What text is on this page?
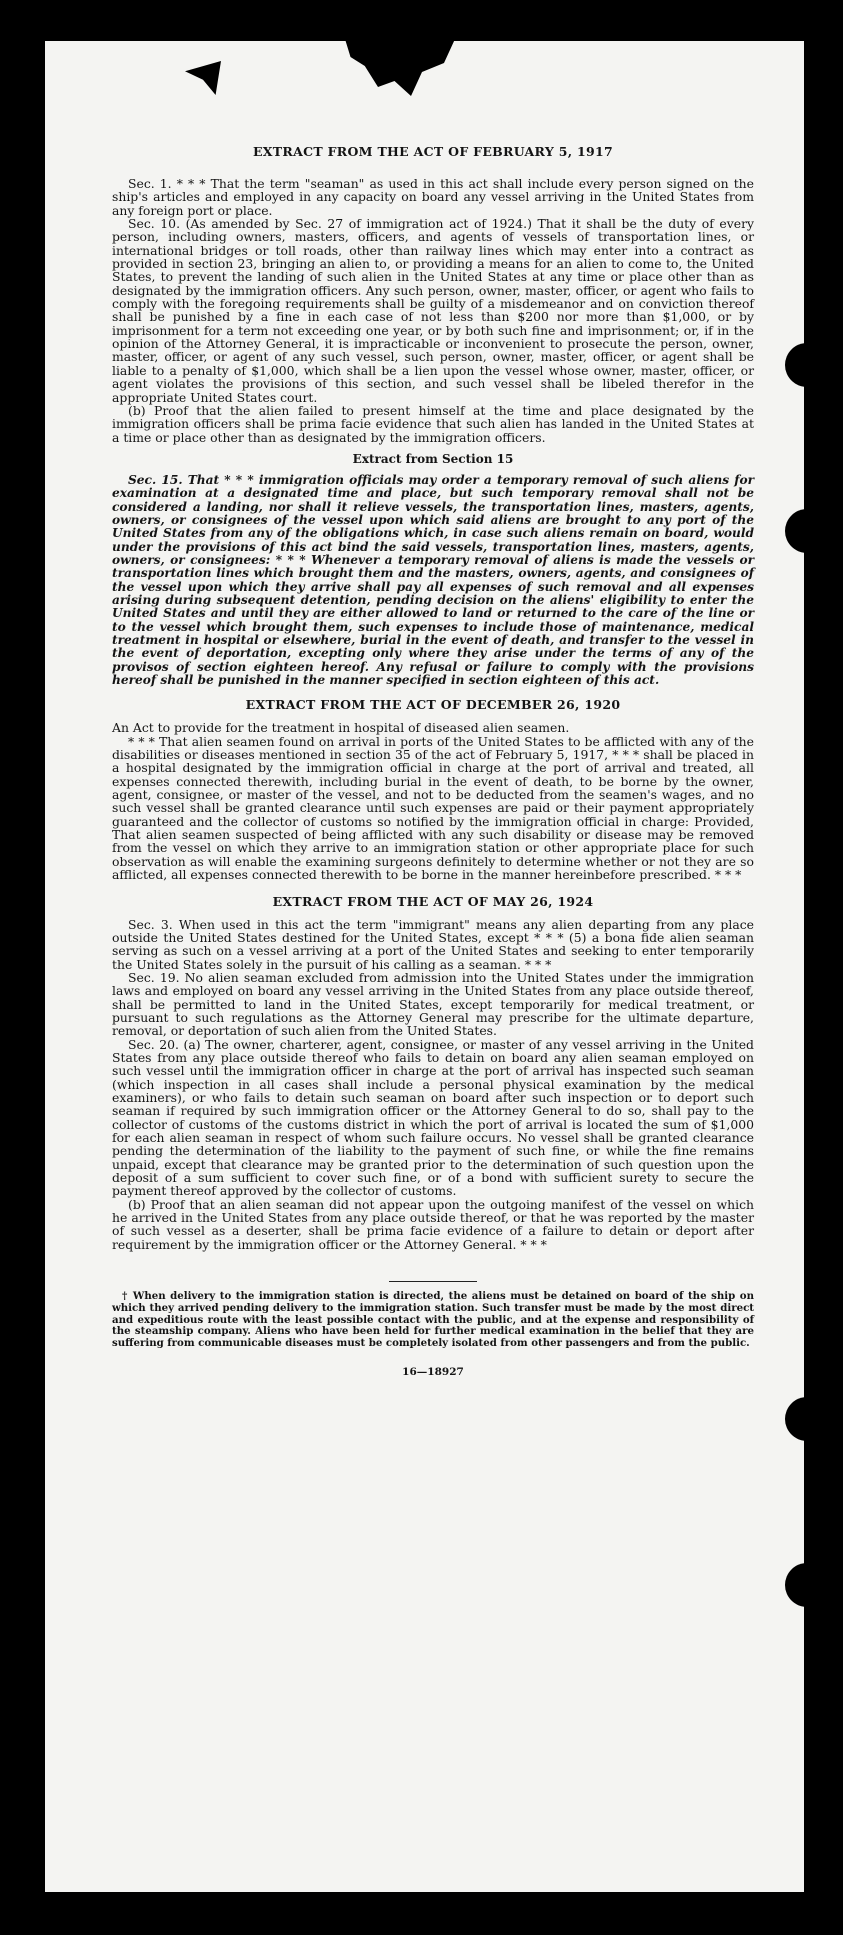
EXTRACT FROM THE ACT OF FEBRUARY 5, 1917

Sec. 1. * * * That the term "seaman" as used in this act shall include every person signed on the ship's articles and employed in any capacity on board any vessel arriving in the United States from any foreign port or place.

Sec. 10. (As amended by Sec. 27 of immigration act of 1924.) That it shall be the duty of every person, including owners, masters, officers, and agents of vessels of transportation lines, or international bridges or toll roads, other than railway lines which may enter into a contract as provided in section 23, bringing an alien to, or providing a means for an alien to come to, the United States, to prevent the landing of such alien in the United States at any time or place other than as designated by the immigration officers. Any such person, owner, master, officer, or agent who fails to comply with the foregoing requirements shall be guilty of a misdemeanor and on conviction thereof shall be punished by a fine in each case of not less than $200 nor more than $1,000, or by imprisonment for a term not exceeding one year, or by both such fine and imprisonment; or, if in the opinion of the Attorney General, it is impracticable or inconvenient to prosecute the person, owner, master, officer, or agent of any such vessel, such person, owner, master, officer, or agent shall be liable to a penalty of $1,000, which shall be a lien upon the vessel whose owner, master, officer, or agent violates the provisions of this section, and such vessel shall be libeled therefor in the appropriate United States court.

(b) Proof that the alien failed to present himself at the time and place designated by the immigration officers shall be prima facie evidence that such alien has landed in the United States at a time or place other than as designated by the immigration officers.

Extract from Section 15

Sec. 15. That * * * immigration officials may order a temporary removal of such aliens for examination at a designated time and place, but such temporary removal shall not be considered a landing, nor shall it relieve vessels, the transportation lines, masters, agents, owners, or consignees of the vessel upon which said aliens are brought to any port of the United States from any of the obligations which, in case such aliens remain on board, would under the provisions of this act bind the said vessels, transportation lines, masters, agents, owners, or consignees: * * * Whenever a temporary removal of aliens is made the vessels or transportation lines which brought them and the masters, owners, agents, and consignees of the vessel upon which they arrive shall pay all expenses of such removal and all expenses arising during subsequent detention, pending decision on the aliens' eligibility to enter the United States and until they are either allowed to land or returned to the care of the line or to the vessel which brought them, such expenses to include those of maintenance, medical treatment in hospital or elsewhere, burial in the event of death, and transfer to the vessel in the event of deportation, excepting only where they arise under the terms of any of the provisos of section eighteen hereof. Any refusal or failure to comply with the provisions hereof shall be punished in the manner specified in section eighteen of this act.

EXTRACT FROM THE ACT OF DECEMBER 26, 1920

An Act to provide for the treatment in hospital of diseased alien seamen.

* * * That alien seamen found on arrival in ports of the United States to be afflicted with any of the disabilities or diseases mentioned in section 35 of the act of February 5, 1917, * * * shall be placed in a hospital designated by the immigration official in charge at the port of arrival and treated, all expenses connected therewith, including burial in the event of death, to be borne by the owner, agent, consignee, or master of the vessel, and not to be deducted from the seamen's wages, and no such vessel shall be granted clearance until such expenses are paid or their payment appropriately guaranteed and the collector of customs so notified by the immigration official in charge: Provided, That alien seamen suspected of being afflicted with any such disability or disease may be removed from the vessel on which they arrive to an immigration station or other appropriate place for such observation as will enable the examining surgeons definitely to determine whether or not they are so afflicted, all expenses connected therewith to be borne in the manner hereinbefore prescribed. * * *

EXTRACT FROM THE ACT OF MAY 26, 1924

Sec. 3. When used in this act the term "immigrant" means any alien departing from any place outside the United States destined for the United States, except * * * (5) a bona fide alien seaman serving as such on a vessel arriving at a port of the United States and seeking to enter temporarily the United States solely in the pursuit of his calling as a seaman. * * *

Sec. 19. No alien seaman excluded from admission into the United States under the immigration laws and employed on board any vessel arriving in the United States from any place outside thereof, shall be permitted to land in the United States, except temporarily for medical treatment, or pursuant to such regulations as the Attorney General may prescribe for the ultimate departure, removal, or deportation of such alien from the United States.

Sec. 20. (a) The owner, charterer, agent, consignee, or master of any vessel arriving in the United States from any place outside thereof who fails to detain on board any alien seaman employed on such vessel until the immigration officer in charge at the port of arrival has inspected such seaman (which inspection in all cases shall include a personal physical examination by the medical examiners), or who fails to detain such seaman on board after such inspection or to deport such seaman if required by such immigration officer or the Attorney General to do so, shall pay to the collector of customs of the customs district in which the port of arrival is located the sum of $1,000 for each alien seaman in respect of whom such failure occurs. No vessel shall be granted clearance pending the determination of the liability to the payment of such fine, or while the fine remains unpaid, except that clearance may be granted prior to the determination of such question upon the deposit of a sum sufficient to cover such fine, or of a bond with sufficient surety to secure the payment thereof approved by the collector of customs.

(b) Proof that an alien seaman did not appear upon the outgoing manifest of the vessel on which he arrived in the United States from any place outside thereof, or that he was reported by the master of such vessel as a deserter, shall be prima facie evidence of a failure to detain or deport after requirement by the immigration officer or the Attorney General. * * *

† When delivery to the immigration station is directed, the aliens must be detained on board of the ship on which they arrived pending delivery to the immigration station. Such transfer must be made by the most direct and expeditious route with the least possible contact with the public, and at the expense and responsibility of the steamship company. Aliens who have been held for further medical examination in the belief that they are suffering from communicable diseases must be completely isolated from other passengers and from the public.

16—18927
